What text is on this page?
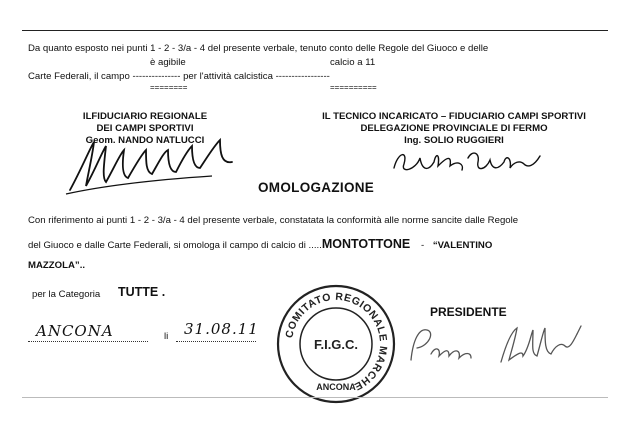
Da quanto esposto nei punti 1 - 2 - 3/a - 4 del presente verbale, tenuto conto delle Regole del Giuoco e delle
è agibile	calcio a 11
Carte Federali, il campo --------------- per l'attività calcistica -----------------
========	==========
ILFIDUCIARIO REGIONALE
DEI CAMPI SPORTIVI
Geom. NANDO NATLUCCI
IL TECNICO INCARICATO – FIDUCIARIO CAMPI SPORTIVI
DELEGAZIONE PROVINCIALE DI FERMO
Ing. SOLIO RUGGIERI
OMOLOGAZIONE
Con riferimento ai punti 1 - 2 - 3/a - 4 del presente verbale, constatata la conformità alle norme sancite dalle Regole
del Giuoco e dalle Carte Federali, si omologa il campo di calcio di .....MONTOTTONE - “VALENTINO
MAZZOLA”..
per la Categoria TUTTE .
PRESIDENTE
ANCONA	li 31.08.11 COMITATO REGIONALE MARCHE
F.I.G.C.
ANCONA
